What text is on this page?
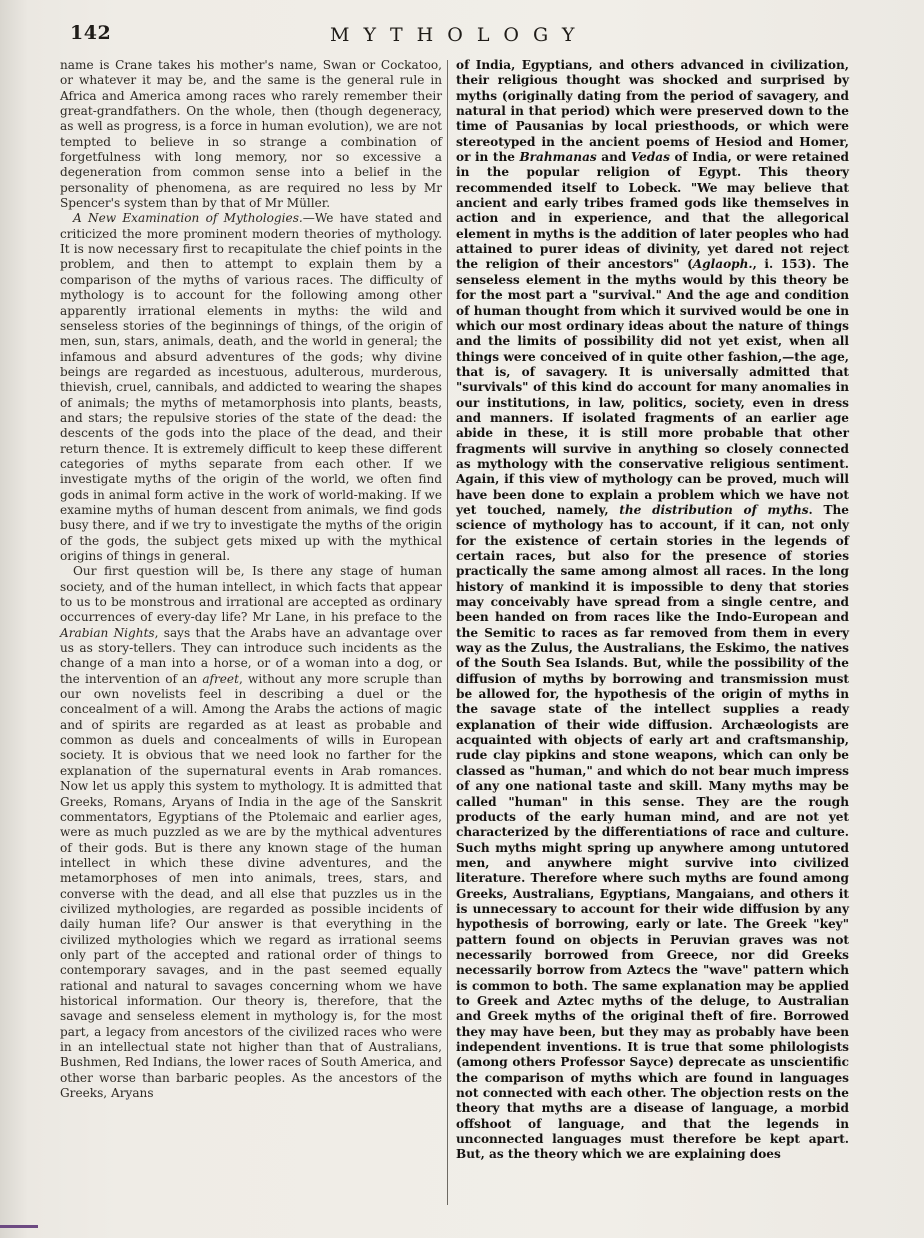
142	MYTHOLOGY

name is Crane takes his mother's name, Swan or Cockatoo, or whatever it may be, and the same is the general rule in Africa and America among races who rarely remember their great-grandfathers. On the whole, then (though degeneracy, as well as progress, is a force in human evolution), we are not tempted to believe in so strange a combination of forgetfulness with long memory, nor so excessive a degeneration from common sense into a belief in the personality of phenomena, as are required no less by Mr Spencer's system than by that of Mr Müller.

A New Examination of Mythologies.—We have stated and criticized the more prominent modern theories of mythology. It is now necessary first to recapitulate the chief points in the problem, and then to attempt to explain them by a comparison of the myths of various races. The difficulty of mythology is to account for the following among other apparently irrational elements in myths: the wild and senseless stories of the beginnings of things, of the origin of men, sun, stars, animals, death, and the world in general; the infamous and absurd adventures of the gods; why divine beings are regarded as incestuous, adulterous, murderous, thievish, cruel, cannibals, and addicted to wearing the shapes of animals; the myths of metamorphosis into plants, beasts, and stars; the repulsive stories of the state of the dead: the descents of the gods into the place of the dead, and their return thence. It is extremely difficult to keep these different categories of myths separate from each other. If we investigate myths of the origin of the world, we often find gods in animal form active in the work of world-making. If we examine myths of human descent from animals, we find gods busy there, and if we try to investigate the myths of the origin of the gods, the subject gets mixed up with the mythical origins of things in general.

Our first question will be, Is there any stage of human society, and of the human intellect, in which facts that appear to us to be monstrous and irrational are accepted as ordinary occurrences of every-day life? Mr Lane, in his preface to the Arabian Nights, says that the Arabs have an advantage over us as story-tellers. They can introduce such incidents as the change of a man into a horse, or of a woman into a dog, or the intervention of an afreet, without any more scruple than our own novelists feel in describing a duel or the concealment of a will. Among the Arabs the actions of magic and of spirits are regarded as at least as probable and common as duels and concealments of wills in European society. It is obvious that we need look no farther for the explanation of the supernatural events in Arab romances. Now let us apply this system to mythology. It is admitted that Greeks, Romans, Aryans of India in the age of the Sanskrit commentators, Egyptians of the Ptolemaic and earlier ages, were as much puzzled as we are by the mythical adventures of their gods. But is there any known stage of the human intellect in which these divine adventures, and the metamorphoses of men into animals, trees, stars, and converse with the dead, and all else that puzzles us in the civilized mythologies, are regarded as possible incidents of daily human life? Our answer is that everything in the civilized mythologies which we regard as irrational seems only part of the accepted and rational order of things to contemporary savages, and in the past seemed equally rational and natural to savages concerning whom we have historical information. Our theory is, therefore, that the savage and senseless element in mythology is, for the most part, a legacy from ancestors of the civilized races who were in an intellectual state not higher than that of Australians, Bushmen, Red Indians, the lower races of South America, and other worse than barbaric peoples. As the ancestors of the Greeks, Aryans

of India, Egyptians, and others advanced in civilization, their religious thought was shocked and surprised by myths (originally dating from the period of savagery, and natural in that period) which were preserved down to the time of Pausanias by local priesthoods, or which were stereotyped in the ancient poems of Hesiod and Homer, or in the Brahmanas and Vedas of India, or were retained in the popular religion of Egypt. This theory recommended itself to Lobeck. "We may believe that ancient and early tribes framed gods like themselves in action and in experience, and that the allegorical element in myths is the addition of later peoples who had attained to purer ideas of divinity, yet dared not reject the religion of their ancestors" (Aglaoph., i. 153). The senseless element in the myths would by this theory be for the most part a "survival." And the age and condition of human thought from which it survived would be one in which our most ordinary ideas about the nature of things and the limits of possibility did not yet exist, when all things were conceived of in quite other fashion,—the age, that is, of savagery. It is universally admitted that "survivals" of this kind do account for many anomalies in our institutions, in law, politics, society, even in dress and manners. If isolated fragments of an earlier age abide in these, it is still more probable that other fragments will survive in anything so closely connected as mythology with the conservative religious sentiment. Again, if this view of mythology can be proved, much will have been done to explain a problem which we have not yet touched, namely, the distribution of myths. The science of mythology has to account, if it can, not only for the existence of certain stories in the legends of certain races, but also for the presence of stories practically the same among almost all races. In the long history of mankind it is impossible to deny that stories may conceivably have spread from a single centre, and been handed on from races like the Indo-European and the Semitic to races as far removed from them in every way as the Zulus, the Australians, the Eskimo, the natives of the South Sea Islands. But, while the possibility of the diffusion of myths by borrowing and transmission must be allowed for, the hypothesis of the origin of myths in the savage state of the intellect supplies a ready explanation of their wide diffusion. Archæologists are acquainted with objects of early art and craftsmanship, rude clay pipkins and stone weapons, which can only be classed as "human," and which do not bear much impress of any one national taste and skill. Many myths may be called "human" in this sense. They are the rough products of the early human mind, and are not yet characterized by the differentiations of race and culture. Such myths might spring up anywhere among untutored men, and anywhere might survive into civilized literature. Therefore where such myths are found among Greeks, Australians, Egyptians, Mangaians, and others it is unnecessary to account for their wide diffusion by any hypothesis of borrowing, early or late. The Greek "key" pattern found on objects in Peruvian graves was not necessarily borrowed from Greece, nor did Greeks necessarily borrow from Aztecs the "wave" pattern which is common to both. The same explanation may be applied to Greek and Aztec myths of the deluge, to Australian and Greek myths of the original theft of fire. Borrowed they may have been, but they may as probably have been independent inventions. It is true that some philologists (among others Professor Sayce) deprecate as unscientific the comparison of myths which are found in languages not connected with each other. The objection rests on the theory that myths are a disease of language, a morbid offshoot of language, and that the legends in unconnected languages must therefore be kept apart. But, as the theory which we are explaining does
